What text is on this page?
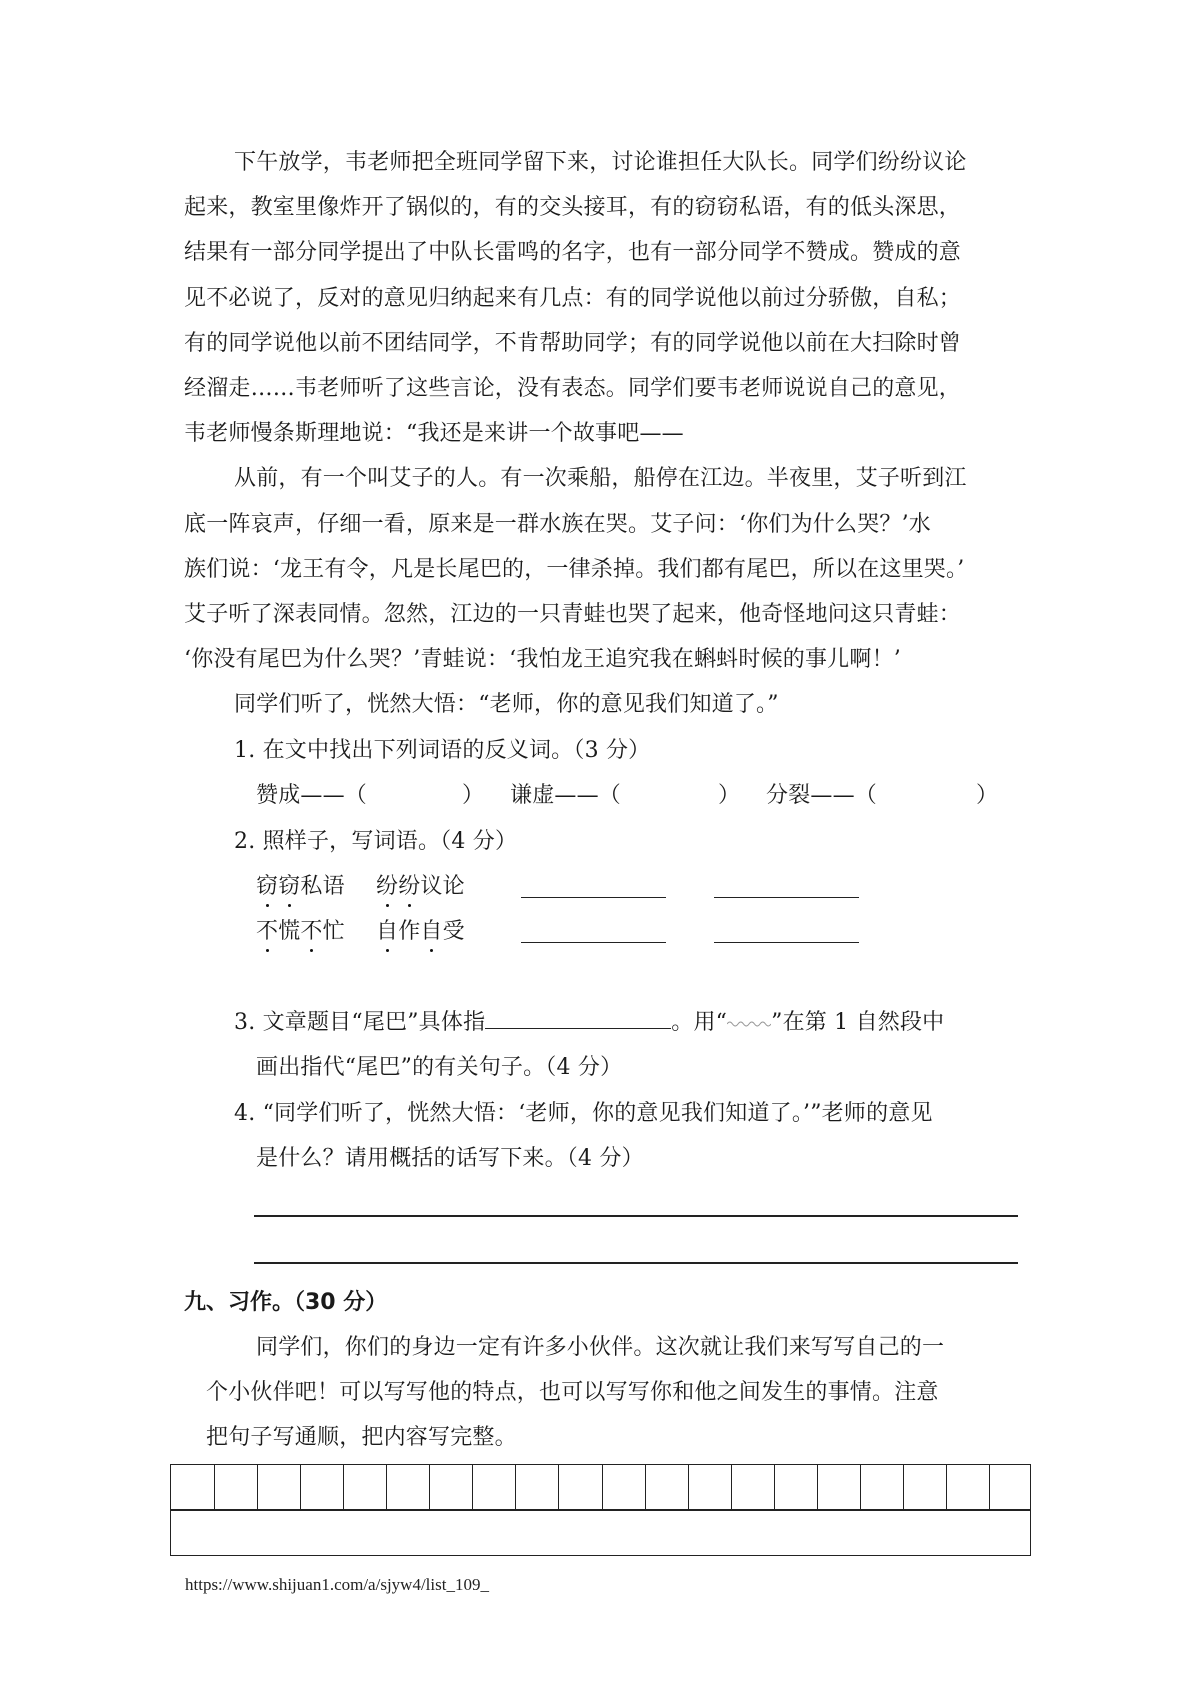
下午放学，韦老师把全班同学留下来，讨论谁担任大队长。同学们纷纷议论
起来，教室里像炸开了锅似的，有的交头接耳，有的窃窃私语，有的低头深思，
结果有一部分同学提出了中队长雷鸣的名字，也有一部分同学不赞成。赞成的意
见不必说了，反对的意见归纳起来有几点：有的同学说他以前过分骄傲，自私；
有的同学说他以前不团结同学，不肯帮助同学；有的同学说他以前在大扫除时曾
经溜走……韦老师听了这些言论，没有表态。同学们要韦老师说说自己的意见，
韦老师慢条斯理地说：“我还是来讲一个故事吧——
从前，有一个叫艾子的人。有一次乘船，船停在江边。半夜里，艾子听到江
底一阵哀声，仔细一看，原来是一群水族在哭。艾子问：‘你们为什么哭？’水
族们说：‘龙王有令，凡是长尾巴的，一律杀掉。我们都有尾巴，所以在这里哭。’
艾子听了深表同情。忽然，江边的一只青蛙也哭了起来，他奇怪地问这只青蛙：
‘你没有尾巴为什么哭？’青蛙说：‘我怕龙王追究我在蝌蚪时候的事儿啊！’
同学们听了，恍然大悟：“老师，你的意见我们知道了。”
1. 在文中找出下列词语的反义词。（3 分）
赞成——（	） 谦虚——（	） 分裂——（	）
2. 照样子，写词语。（4 分）
窃窃私语 纷纷议论
不慌不忙 自作自受
3. 文章题目“尾巴”具体指	。用“ ”在第 1 自然段中
画出指代“尾巴”的有关句子。（4 分）
4. “同学们听了，恍然大悟：‘老师，你的意见我们知道了。’”老师的意见
是什么？请用概括的话写下来。（4 分）
九、习作。（30 分）
同学们，你们的身边一定有许多小伙伴。这次就让我们来写写自己的一
个小伙伴吧！可以写写他的特点，也可以写写你和他之间发生的事情。注意
把句子写通顺，把内容写完整。
https://www.shijuan1.com/a/sjyw4/list_109_
